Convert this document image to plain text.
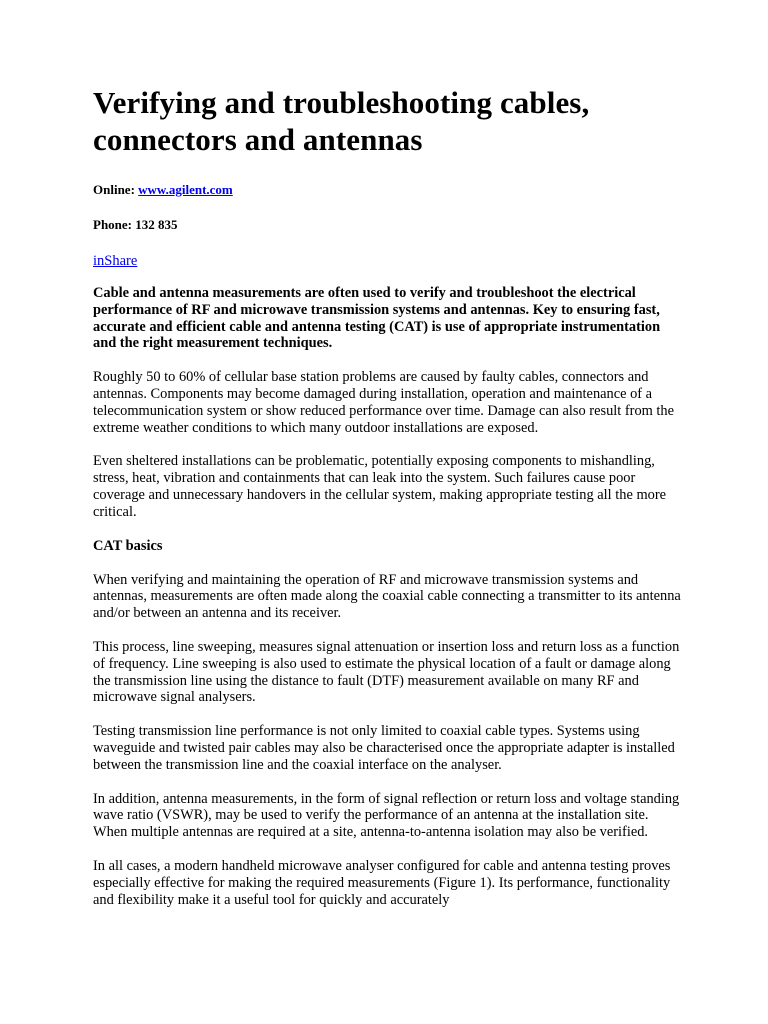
Verifying and troubleshooting cables, connectors and antennas
Online: www.agilent.com
Phone: 132 835
inShare

Cable and antenna measurements are often used to verify and troubleshoot the electrical performance of RF and microwave transmission systems and antennas. Key to ensuring fast, accurate and efficient cable and antenna testing (CAT) is use of appropriate instrumentation and the right measurement techniques.

Roughly 50 to 60% of cellular base station problems are caused by faulty cables, connectors and antennas. Components may become damaged during installation, operation and maintenance of a telecommunication system or show reduced performance over time. Damage can also result from the extreme weather conditions to which many outdoor installations are exposed.

Even sheltered installations can be problematic, potentially exposing components to mishandling, stress, heat, vibration and containments that can leak into the system. Such failures cause poor coverage and unnecessary handovers in the cellular system, making appropriate testing all the more critical.

CAT basics

When verifying and maintaining the operation of RF and microwave transmission systems and antennas, measurements are often made along the coaxial cable connecting a transmitter to its antenna and/or between an antenna and its receiver.

This process, line sweeping, measures signal attenuation or insertion loss and return loss as a function of frequency. Line sweeping is also used to estimate the physical location of a fault or damage along the transmission line using the distance to fault (DTF) measurement available on many RF and microwave signal analysers.

Testing transmission line performance is not only limited to coaxial cable types. Systems using waveguide and twisted pair cables may also be characterised once the appropriate adapter is installed between the transmission line and the coaxial interface on the analyser.

In addition, antenna measurements, in the form of signal reflection or return loss and voltage standing wave ratio (VSWR), may be used to verify the performance of an antenna at the installation site. When multiple antennas are required at a site, antenna-to-antenna isolation may also be verified.

In all cases, a modern handheld microwave analyser configured for cable and antenna testing proves especially effective for making the required measurements (Figure 1). Its performance, functionality and flexibility make it a useful tool for quickly and accurately
